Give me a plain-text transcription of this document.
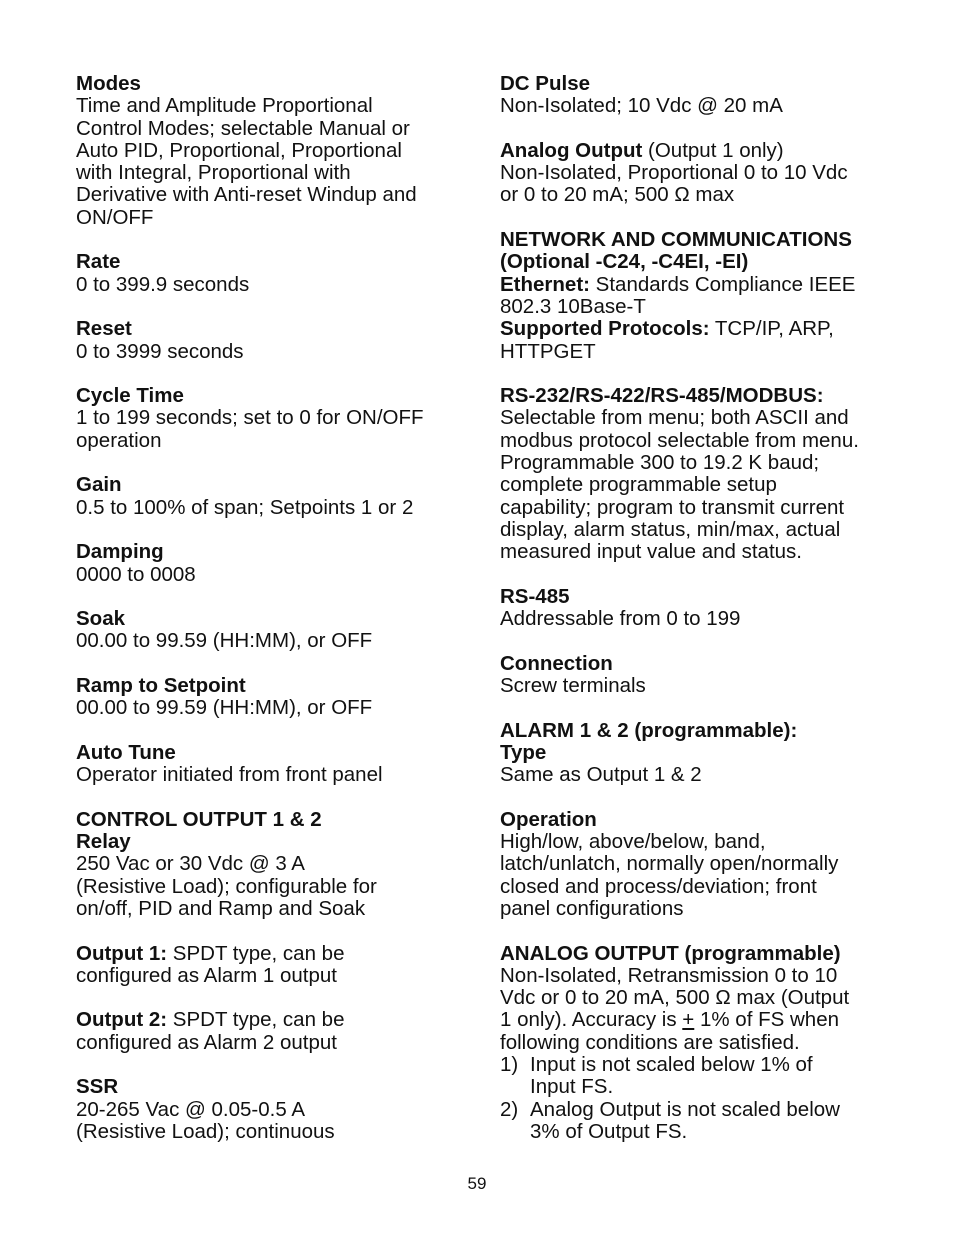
Modes
Time and Amplitude Proportional
Control Modes; selectable Manual or
Auto PID, Proportional, Proportional
with Integral, Proportional with
Derivative with Anti-reset Windup and
ON/OFF
Rate
0 to 399.9 seconds
Reset
0 to 3999 seconds
Cycle Time
1 to 199 seconds; set to 0 for ON/OFF
operation
Gain
0.5 to 100% of span; Setpoints 1 or 2
Damping
0000 to 0008
Soak
00.00 to 99.59 (HH:MM), or OFF
Ramp to Setpoint
00.00 to 99.59 (HH:MM), or OFF
Auto Tune
Operator initiated from front panel
CONTROL OUTPUT 1 & 2
Relay
250 Vac or 30 Vdc @ 3 A
(Resistive Load); configurable for
on/off, PID and Ramp and Soak
Output 1: SPDT type, can be
configured as Alarm 1 output
Output 2: SPDT type, can be
configured as Alarm 2 output
SSR
20-265 Vac @ 0.05-0.5 A
(Resistive Load); continuous
DC Pulse
Non-Isolated; 10 Vdc @ 20 mA
Analog Output (Output 1 only)
Non-Isolated, Proportional 0 to 10 Vdc
or 0 to 20 mA; 500 Ω max
NETWORK AND COMMUNICATIONS
(Optional -C24, -C4EI, -EI)
Ethernet: Standards Compliance IEEE
802.3 10Base-T
Supported Protocols: TCP/IP, ARP,
HTTPGET
RS-232/RS-422/RS-485/MODBUS:
Selectable from menu; both ASCII and
modbus protocol selectable from menu.
Programmable 300 to 19.2 K baud;
complete programmable setup
capability; program to transmit current
display, alarm status, min/max, actual
measured input value and status.
RS-485
Addressable from 0 to 199
Connection
Screw terminals
ALARM 1 & 2 (programmable):
Type
Same as Output 1 & 2
Operation
High/low, above/below, band,
latch/unlatch, normally open/normally
closed and process/deviation; front
panel configurations
ANALOG OUTPUT (programmable)
Non-Isolated, Retransmission 0 to 10
Vdc or 0 to 20 mA, 500 Ω max (Output
1 only). Accuracy is + 1% of FS when
following conditions are satisfied.
1) Input is not scaled below 1% of
Input FS.
2) Analog Output is not scaled below
3% of Output FS.
59
